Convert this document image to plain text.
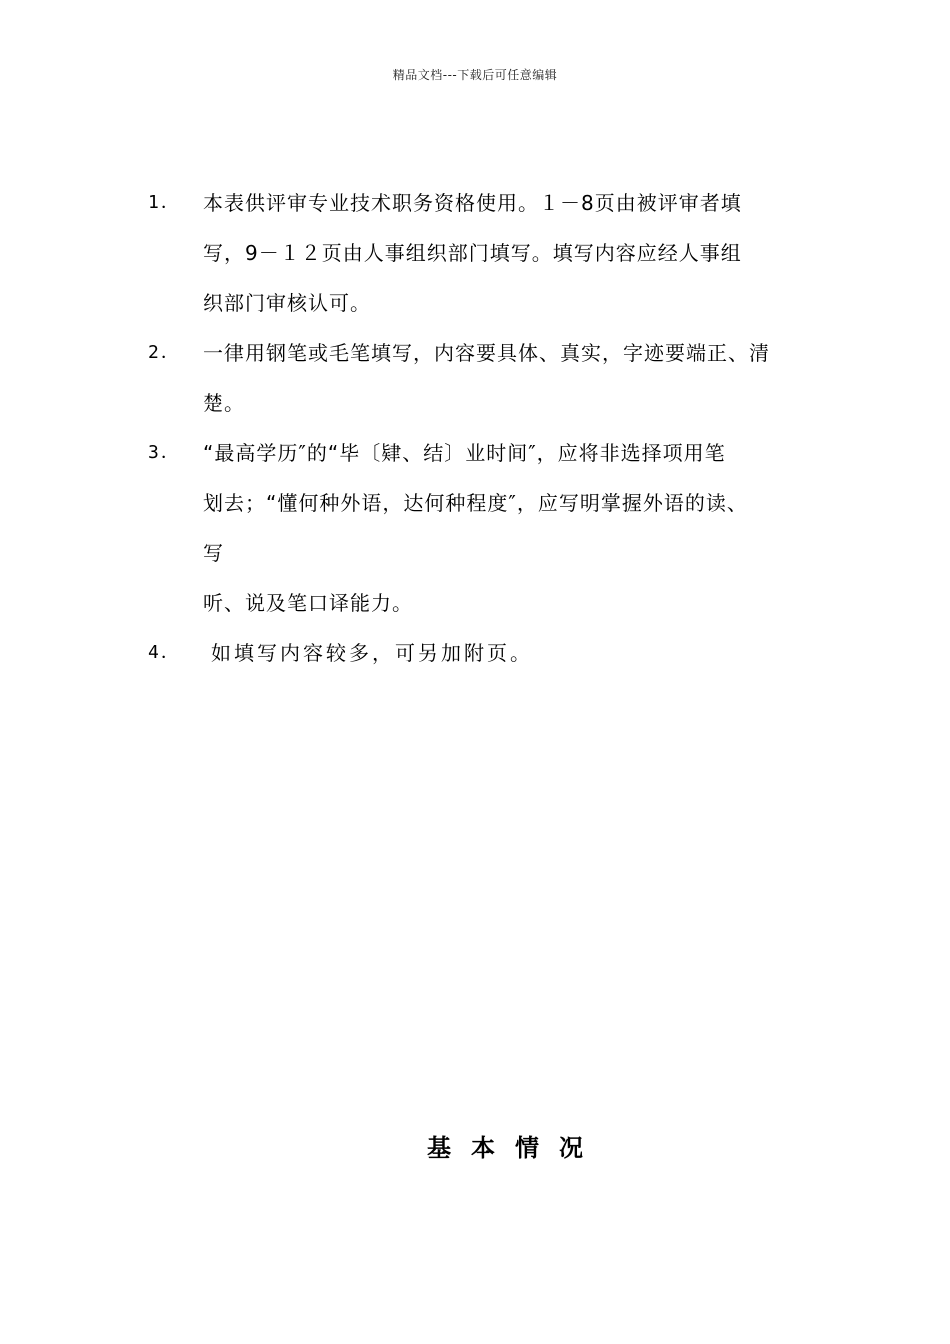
精品文档---下载后可任意编辑
1． 本表供评审专业技术职务资格使用。１－8页由被评审者填
写，9－１２页由人事组织部门填写。填写内容应经人事组
织部门审核认可。
2． 一律用钢笔或毛笔填写，内容要具体、真实，字迹要端正、清
楚。
3． “最高学历″的“毕〔肄、结〕业时间″，应将非选择项用笔
划去；“懂何种外语，达何种程度″，应写明掌握外语的读、
写
听、说及笔口译能力。
4．	如填写内容较多，可另加附页。
基本情况
